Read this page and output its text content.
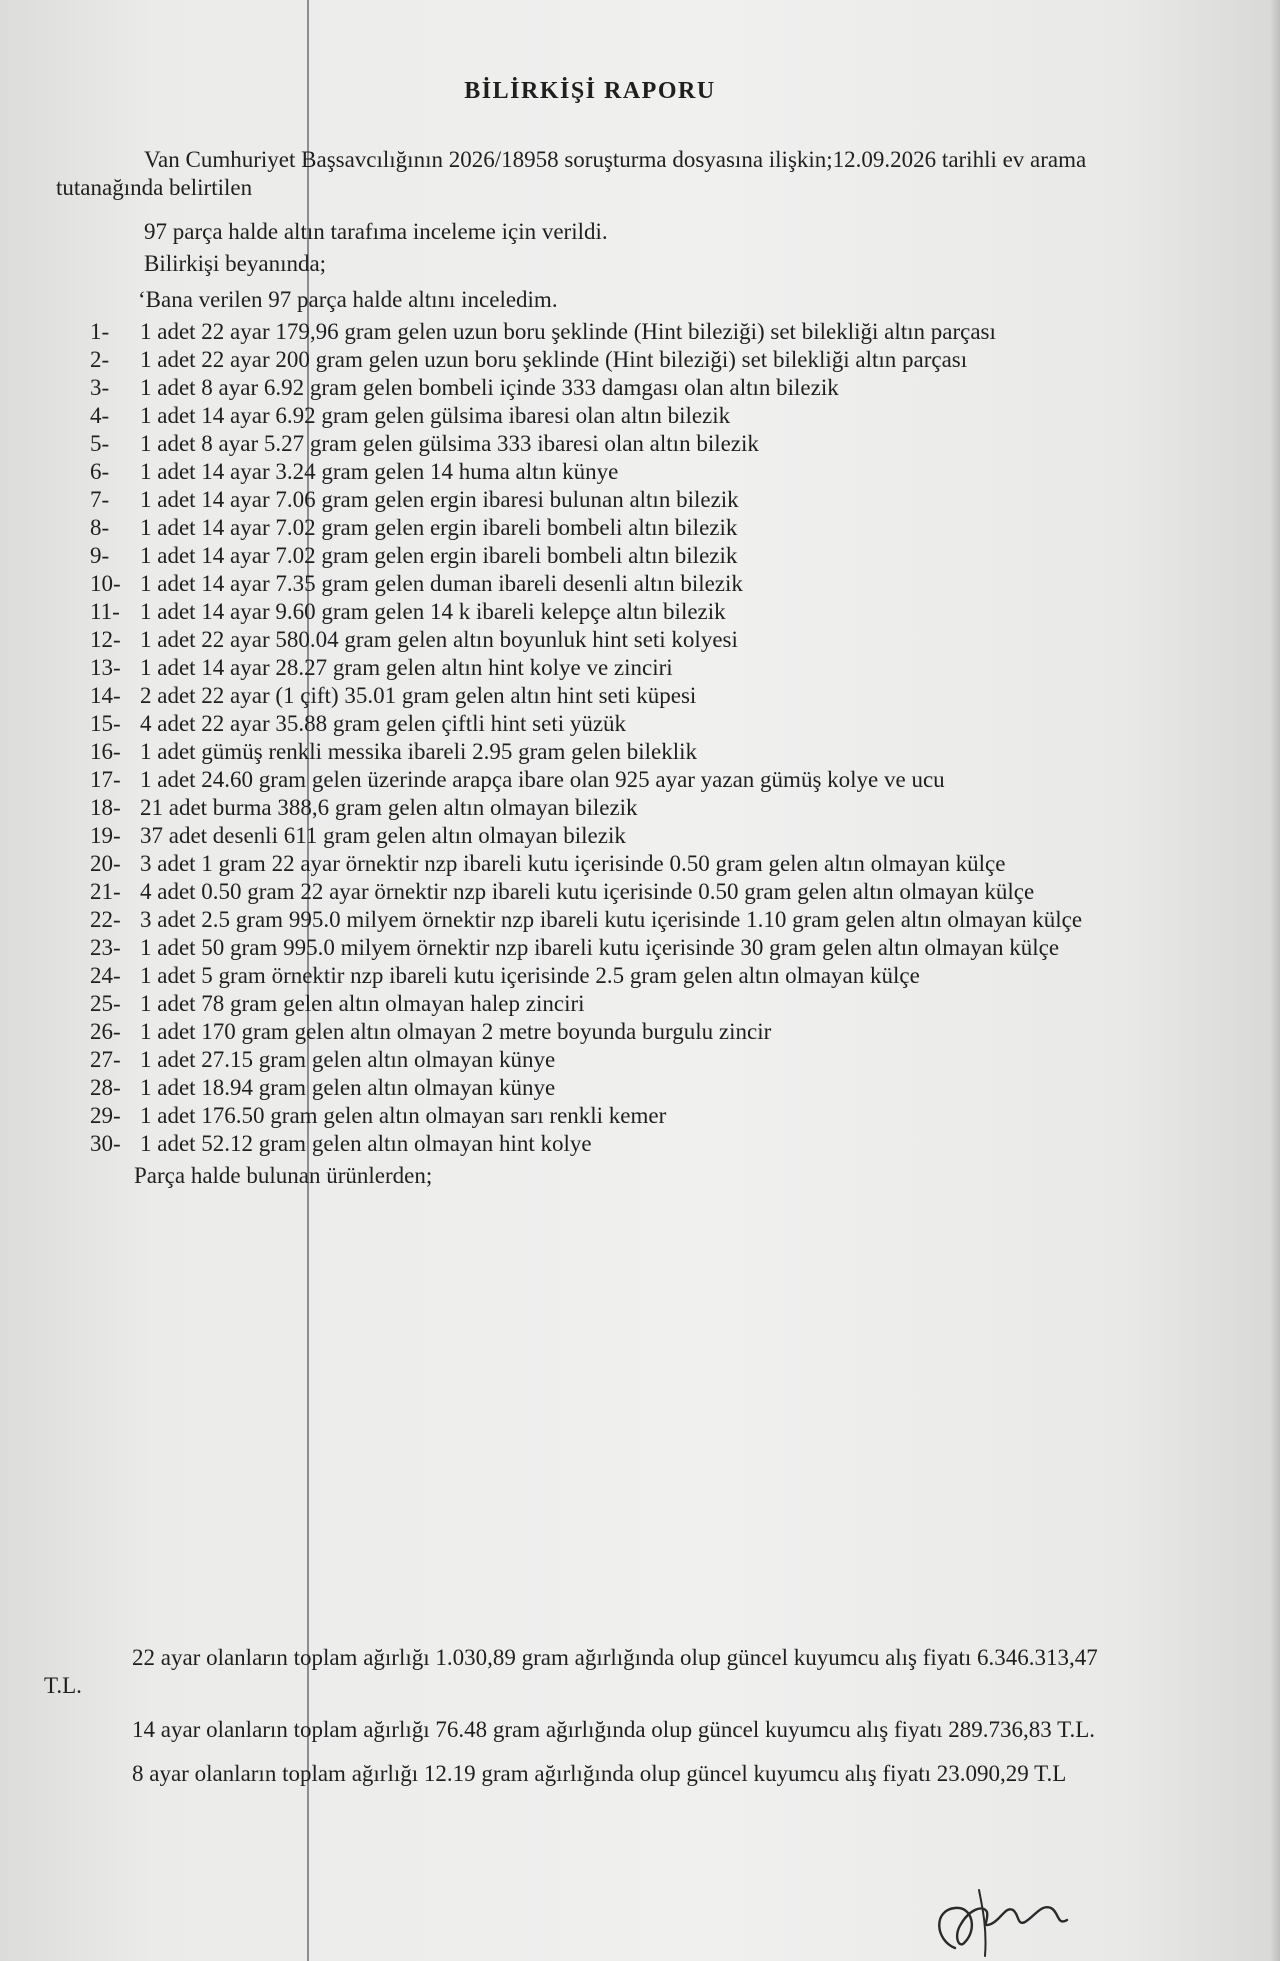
BİLİRKİŞİ RAPORU

Van Cumhuriyet Başsavcılığının 2026/18958 soruşturma dosyasına ilişkin;12.09.2026 tarihli ev arama tutanağında belirtilen

97 parça halde altın tarafıma inceleme için verildi.
Bilirkişi beyanında;
‘Bana verilen 97 parça halde altını inceledim.
1-	1 adet 22 ayar 179,96 gram gelen uzun boru şeklinde (Hint bileziği) set bilekliği altın parçası
2-	1 adet 22 ayar 200 gram gelen uzun boru şeklinde (Hint bileziği) set bilekliği altın parçası
3-	1 adet 8 ayar 6.92 gram gelen bombeli içinde 333 damgası olan altın bilezik
4-	1 adet 14 ayar 6.92 gram gelen gülsima ibaresi olan altın bilezik
5-	1 adet 8 ayar 5.27 gram gelen gülsima 333 ibaresi olan altın bilezik
6-	1 adet 14 ayar 3.24 gram gelen 14 huma altın künye
7-	1 adet 14 ayar 7.06 gram gelen ergin ibaresi bulunan altın bilezik
8-	1 adet 14 ayar 7.02 gram gelen ergin ibareli bombeli altın bilezik
9-	1 adet 14 ayar 7.02 gram gelen ergin ibareli bombeli altın bilezik
10- 1 adet 14 ayar 7.35 gram gelen duman ibareli desenli altın bilezik
11- 1 adet 14 ayar 9.60 gram gelen 14 k ibareli kelepçe altın bilezik
12- 1 adet 22 ayar 580.04 gram gelen altın boyunluk hint seti kolyesi
13- 1 adet 14 ayar 28.27 gram gelen altın hint kolye ve zinciri
14- 2 adet 22 ayar (1 çift) 35.01 gram gelen altın hint seti küpesi
15- 4 adet 22 ayar 35.88 gram gelen çiftli hint seti yüzük
16- 1 adet gümüş renkli messika ibareli 2.95 gram gelen bileklik
17- 1 adet 24.60 gram gelen üzerinde arapça ibare olan 925 ayar yazan gümüş kolye ve ucu
18- 21 adet burma 388,6 gram gelen altın olmayan bilezik
19- 37 adet desenli 611 gram gelen altın olmayan bilezik
20- 3 adet 1 gram 22 ayar örnektir nzp ibareli kutu içerisinde 0.50 gram gelen altın olmayan külçe
21- 4 adet 0.50 gram 22 ayar örnektir nzp ibareli kutu içerisinde 0.50 gram gelen altın olmayan külçe
22- 3 adet 2.5 gram 995.0 milyem örnektir nzp ibareli kutu içerisinde 1.10 gram gelen altın olmayan külçe
23- 1 adet 50 gram 995.0 milyem örnektir nzp ibareli kutu içerisinde 30 gram gelen altın olmayan külçe
24- 1 adet 5 gram örnektir nzp ibareli kutu içerisinde 2.5 gram gelen altın olmayan külçe
25- 1 adet 78 gram gelen altın olmayan halep zinciri
26- 1 adet 170 gram gelen altın olmayan 2 metre boyunda burgulu zincir
27- 1 adet 27.15 gram gelen altın olmayan künye
28- 1 adet 18.94 gram gelen altın olmayan künye
29- 1 adet 176.50 gram gelen altın olmayan sarı renkli kemer
30- 1 adet 52.12 gram gelen altın olmayan hint kolye
Parça halde bulunan ürünlerden;

22 ayar olanların toplam ağırlığı 1.030,89 gram ağırlığında olup güncel kuyumcu alış fiyatı 6.346.313,47 T.L.

14 ayar olanların toplam ağırlığı 76.48 gram ağırlığında olup güncel kuyumcu alış fiyatı 289.736,83 T.L.

8 ayar olanların toplam ağırlığı 12.19 gram ağırlığında olup güncel kuyumcu alış fiyatı 23.090,29 T.L
